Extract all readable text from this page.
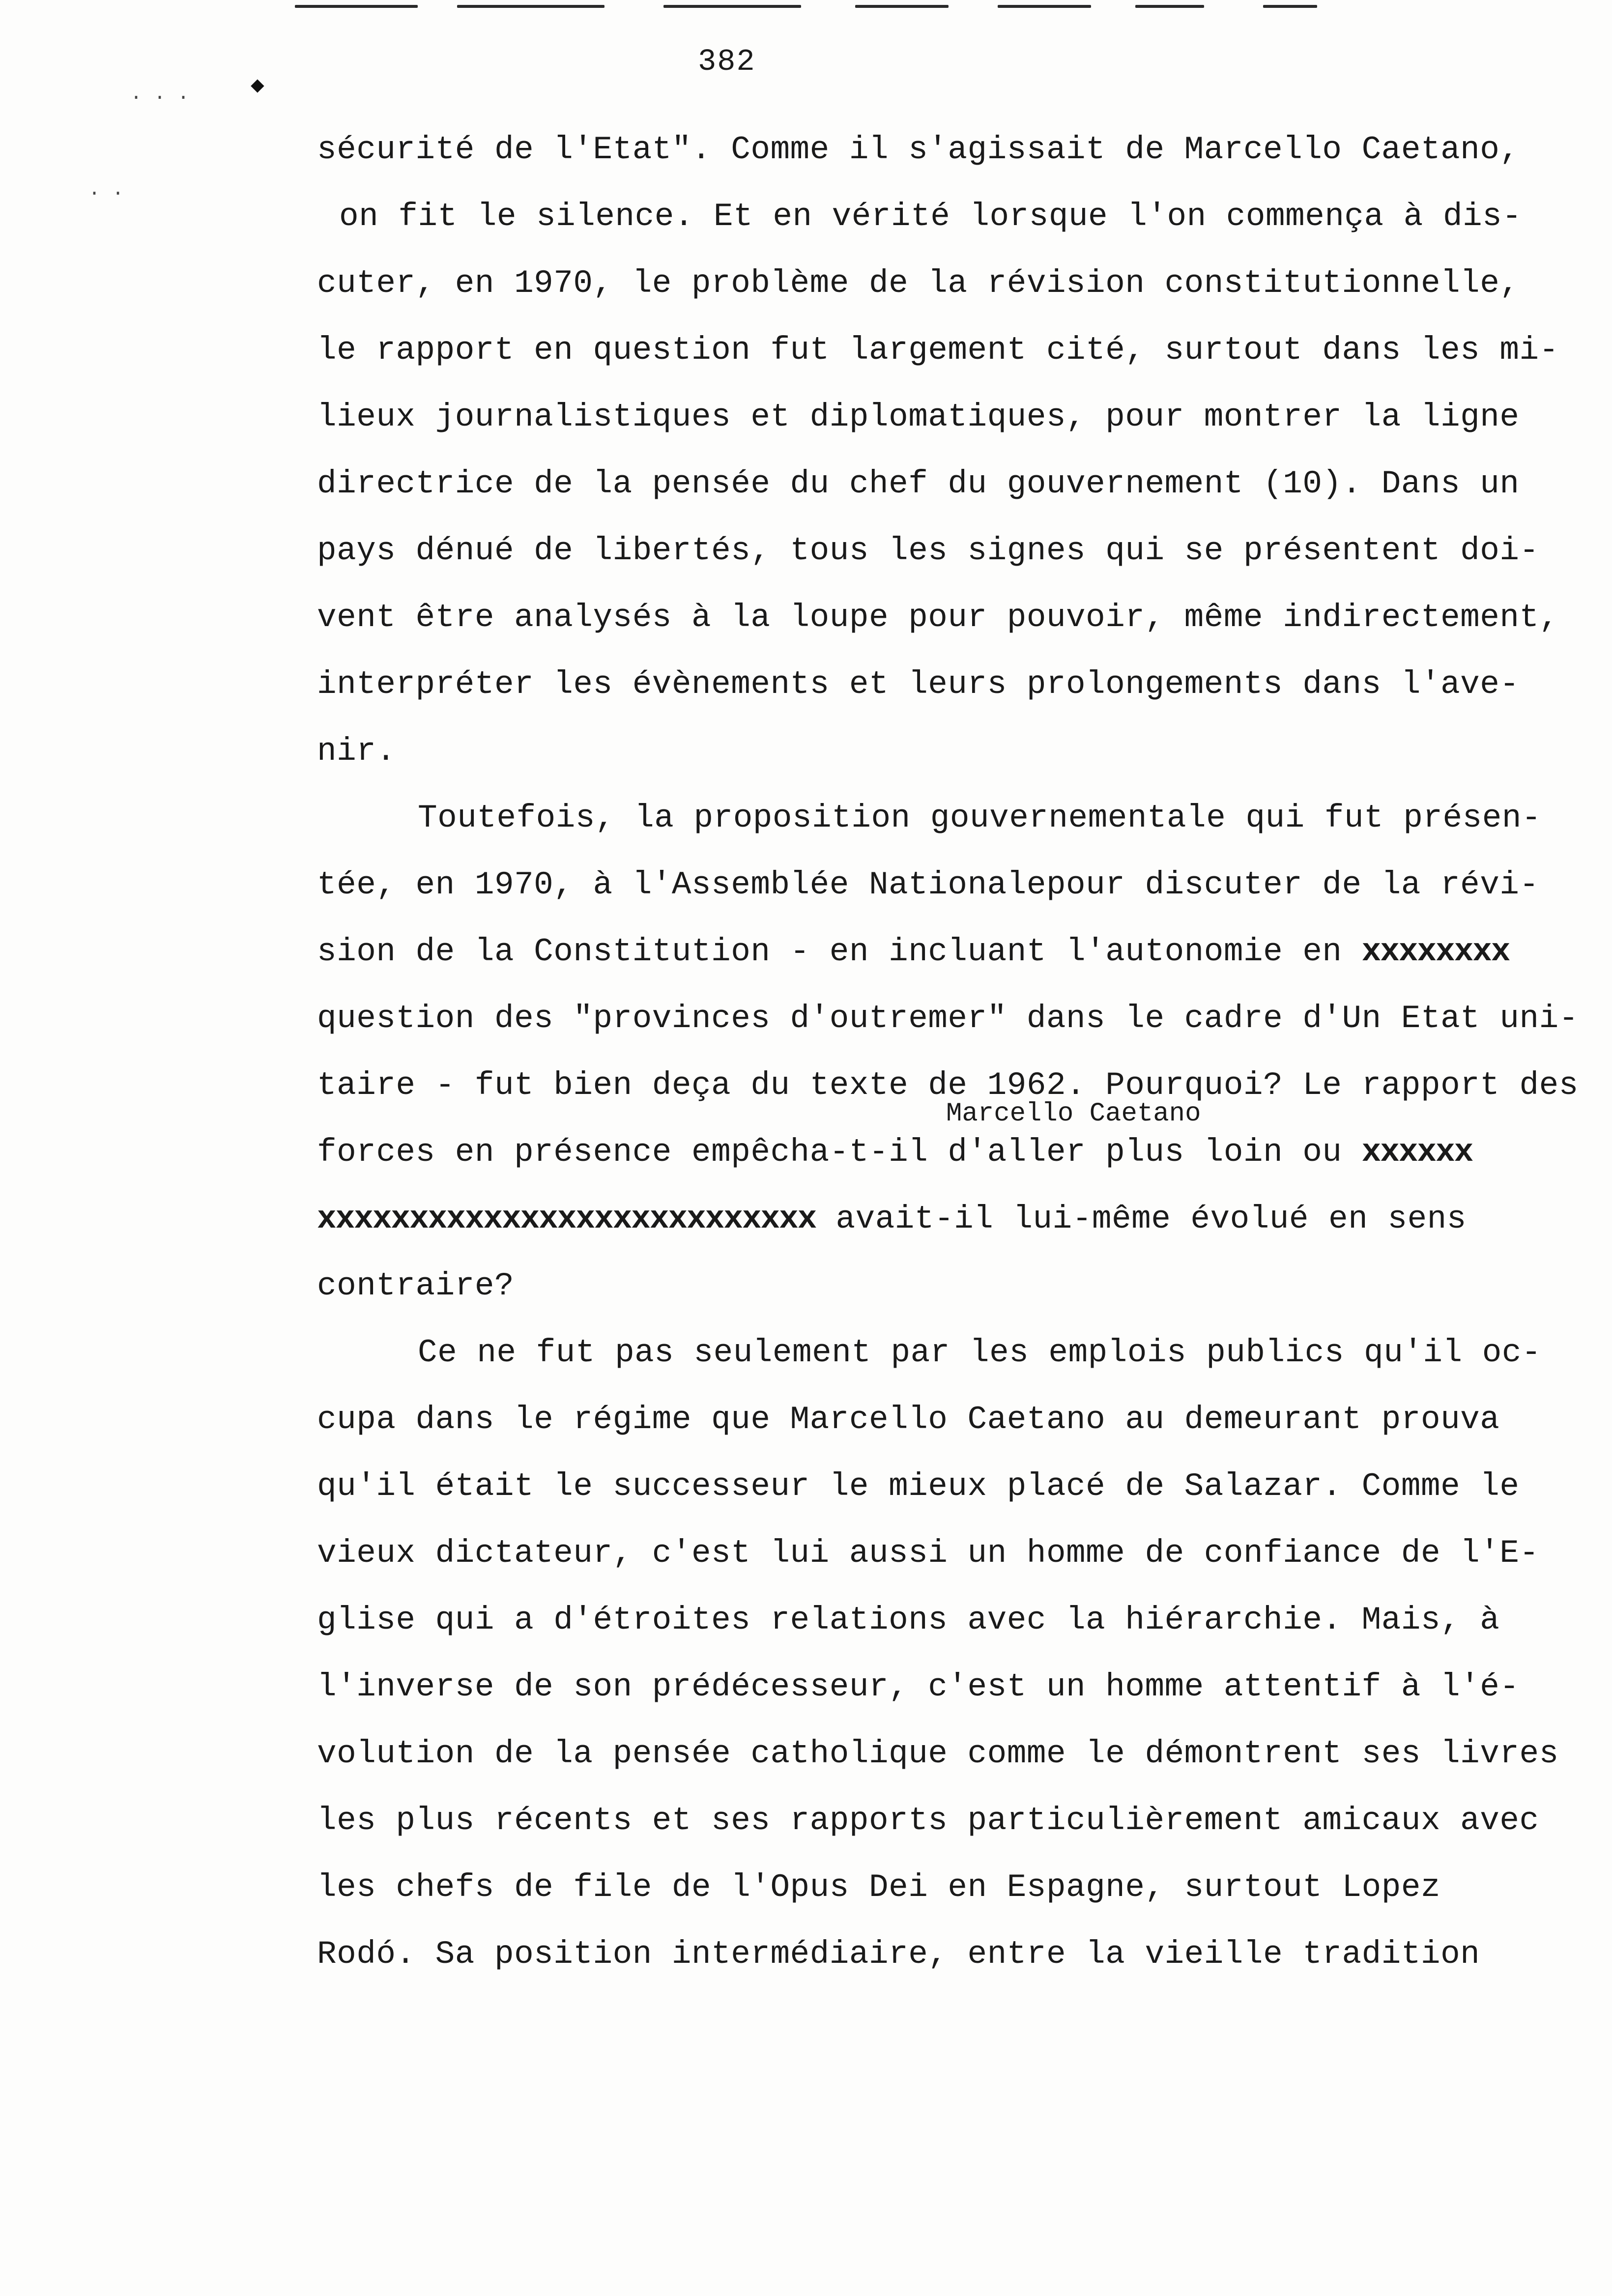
· · ·	◆
· ·
382
sécurité de l'Etat". Comme il s'agissait de Marcello Caetano,
on fit le silence. Et en vérité lorsque l'on commença à dis-
cuter, en 1970, le problème de la révision constitutionnelle,
le rapport en question fut largement cité, surtout dans les mi-
lieux journalistiques et diplomatiques, pour montrer la ligne
directrice de la pensée du chef du gouvernement (10). Dans un
pays dénué de libertés, tous les signes qui se présentent doi-
vent être analysés à la loupe pour pouvoir, même indirectement,
interpréter les évènements et leurs prolongements dans l'ave-
nir.
Toutefois, la proposition gouvernementale qui fut présen-
tée, en 1970, à l'Assemblée Nationalepour discuter de la révi-
sion de la Constitution - en incluant l'autonomie en xxxxxxxx
question des "provinces d'outremer" dans le cadre d'Un Etat uni-
taire - fut bien deça du texte de 1962. Pourquoi? Le rapport des
Marcello Caetano
forces en présence empêcha-t-il d'aller plus loin ou xxxxxx
xxxxxxxxxxxxxxxxxxxxxxxxxxx avait-il lui-même évolué en sens
contraire?
Ce ne fut pas seulement par les emplois publics qu'il oc-
cupa dans le régime que Marcello Caetano au demeurant prouva
qu'il était le successeur le mieux placé de Salazar. Comme le
vieux dictateur, c'est lui aussi un homme de confiance de l'E-
glise qui a d'étroites relations avec la hiérarchie. Mais, à
l'inverse de son prédécesseur, c'est un homme attentif à l'é-
volution de la pensée catholique comme le démontrent ses livres
les plus récents et ses rapports particulièrement amicaux avec
les chefs de file de l'Opus Dei en Espagne, surtout Lopez
Rodó. Sa position intermédiaire, entre la vieille tradition
